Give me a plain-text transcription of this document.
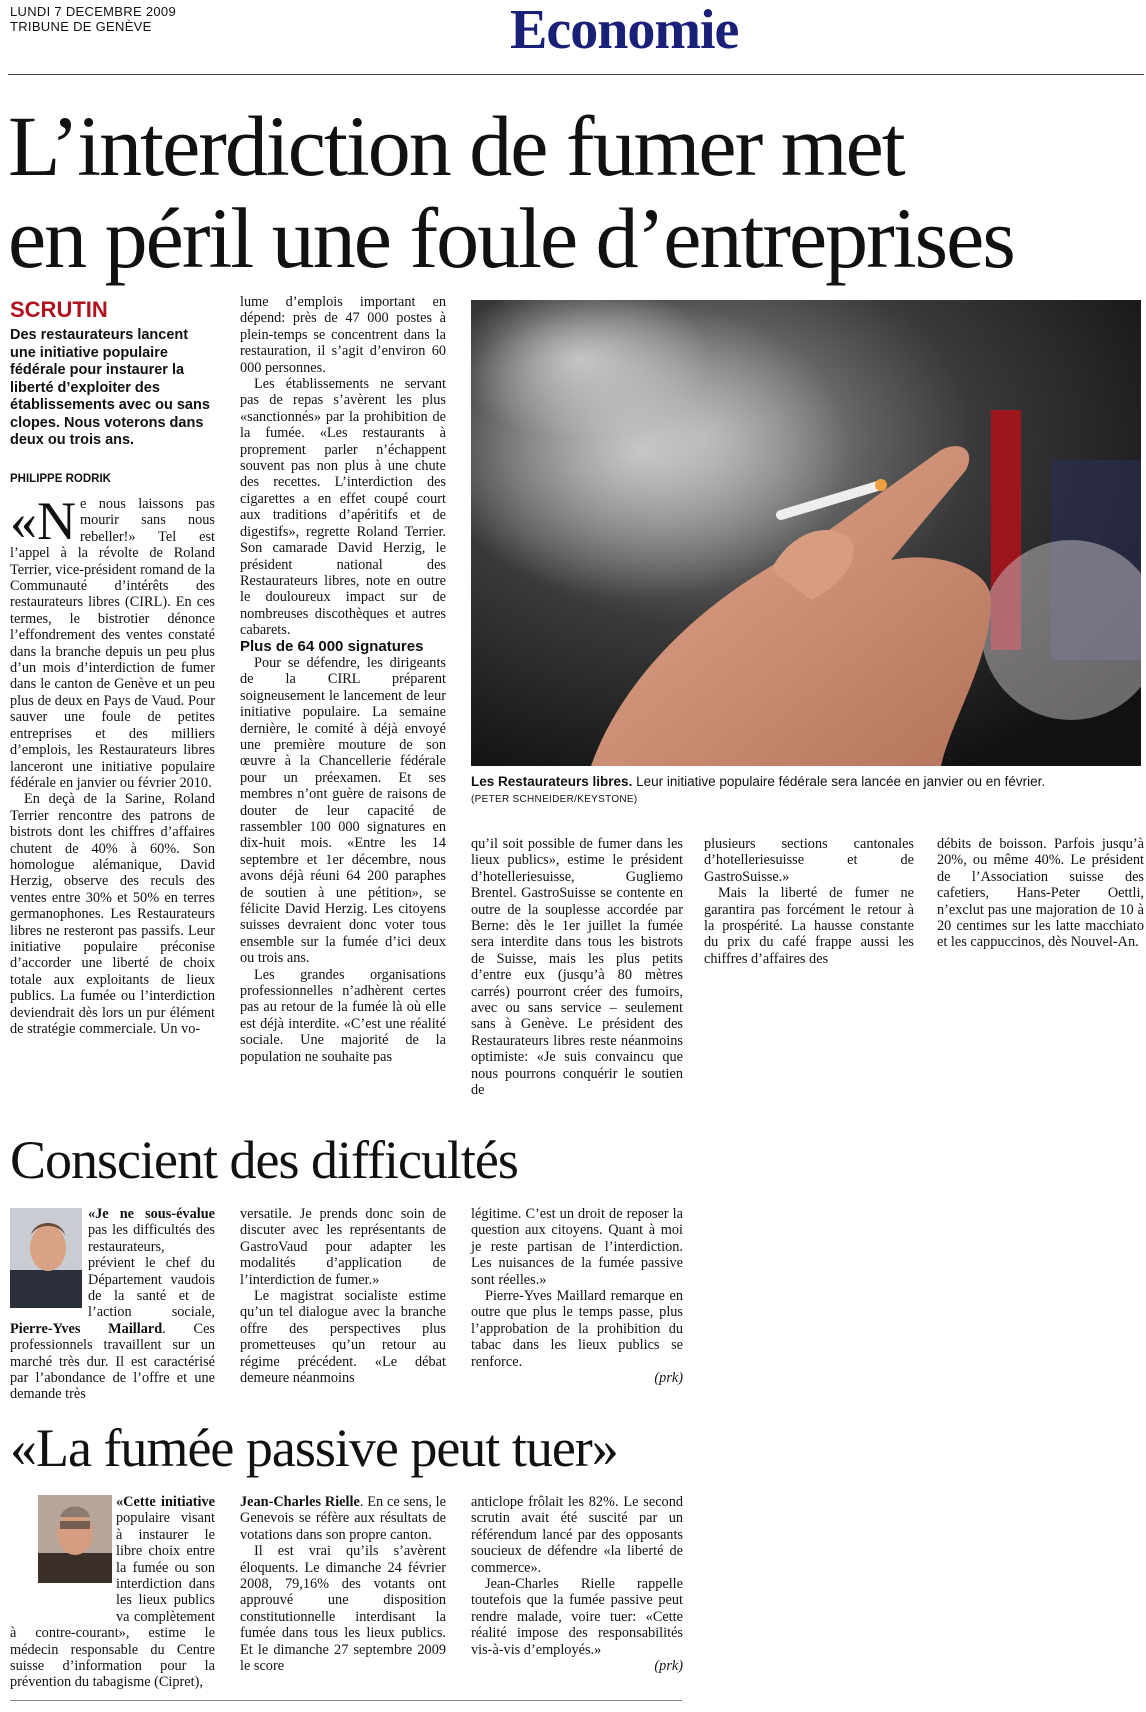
LUNDI 7 DECEMBRE 2009
TRIBUNE DE GENÈVE	Economie
L’interdiction de fumer met
en péril une foule d’entreprises
SCRUTIN
Des restaurateurs lancent une initiative populaire fédérale pour instaurer la liberté d’exploiter des établissements avec ou sans clopes. Nous voterons dans deux ou trois ans.
PHILIPPE RODRIK

«Ne nous laissons pas mourir sans nous rebeller!» Tel est l’appel à la révolte de Roland Terrier, vice-président romand de la Communauté d’intérêts des restaurateurs libres (CIRL). En ces termes, le bistrotier dénonce l’effondrement des ventes constaté dans la branche depuis un peu plus d’un mois d’interdiction de fumer dans le canton de Genève et un peu plus de deux en Pays de Vaud. Pour sauver une foule de petites entreprises et des milliers d’emplois, les Restaurateurs libres lanceront une initiative populaire fédérale en janvier ou février 2010.

En deçà de la Sarine, Roland Terrier rencontre des patrons de bistrots dont les chiffres d’affaires chutent de 40% à 60%. Son homologue alémanique, David Herzig, observe des reculs des ventes entre 30% et 50% en terres germanophones. Les Restaurateurs libres ne resteront pas passifs. Leur initiative populaire préconise d’accorder une liberté de choix totale aux exploitants de lieux publics. La fumée ou l’interdiction deviendrait dès lors un pur élément de stratégie commerciale. Un vo-

lume d’emplois important en dépend: près de 47 000 postes à plein-temps se concentrent dans la restauration, il s’agit d’environ 60 000 personnes.

Les établissements ne servant pas de repas s’avèrent les plus «sanctionnés» par la prohibition de la fumée. «Les restaurants à proprement parler n’échappent souvent pas non plus à une chute des recettes. L’interdiction des cigarettes a en effet coupé court aux traditions d’apéritifs et de digestifs», regrette Roland Terrier. Son camarade David Herzig, le président national des Restaurateurs libres, note en outre le douloureux impact sur de nombreuses discothèques et autres cabarets.

Plus de 64 000 signatures

Pour se défendre, les dirigeants de la CIRL préparent soigneusement le lancement de leur initiative populaire. La semaine dernière, le comité à déjà envoyé une première mouture de son œuvre à la Chancellerie fédérale pour un préexamen. Et ses membres n’ont guère de raisons de douter de leur capacité de rassembler 100 000 signatures en dix-huit mois. «Entre les 14 septembre et 1er décembre, nous avons déjà réuni 64 200 paraphes de soutien à une pétition», se félicite David Herzig. Les citoyens suisses devraient donc voter tous ensemble sur la fumée d’ici deux ou trois ans.

Les grandes organisations professionnelles n’adhèrent certes pas au retour de la fumée là où elle est déjà interdite. «C’est une réalité sociale. Une majorité de la population ne souhaite pas

Les Restaurateurs libres. Leur initiative populaire fédérale sera lancée en janvier ou en février.
(PETER SCHNEIDER/KEYSTONE)

qu’il soit possible de fumer dans les lieux publics», estime le président d’hotelleriesuisse, Gugliemo Brentel. GastroSuisse se contente en outre de la souplesse accordée par Berne: dès le 1er juillet la fumée sera interdite dans tous les bistrots de Suisse, mais les plus petits d’entre eux (jusqu’à 80 mètres carrés) pourront créer des fumoirs, avec ou sans service – seulement sans à Genève. Le président des Restaurateurs libres reste néanmoins optimiste: «Je suis convaincu que nous pourrons conquérir le soutien de

plusieurs sections cantonales d’hotelleriesuisse et de GastroSuisse.»

Mais la liberté de fumer ne garantira pas forcément le retour à la prospérité. La hausse constante du prix du café frappe aussi les chiffres d’affaires des

débits de boisson. Parfois jusqu’à 20%, ou même 40%. Le président de l’Association suisse des cafetiers, Hans-Peter Oettli, n’exclut pas une majoration de 10 à 20 centimes sur les latte macchiato et les cappuccinos, dès Nouvel-An.

Conscient des difficultés

«Je ne sous-évalue pas les difficultés des restaurateurs, prévient le chef du Département vaudois de la santé et de l’action sociale, Pierre-Yves Maillard. Ces professionnels travaillent sur un marché très dur. Il est caractérisé par l’abondance de l’offre et une demande très

versatile. Je prends donc soin de discuter avec les représentants de GastroVaud pour adapter les modalités d’application de l’interdiction de fumer.»

Le magistrat socialiste estime qu’un tel dialogue avec la branche offre des perspectives plus prometteuses qu’un retour au régime précédent. «Le débat demeure néanmoins

légitime. C’est un droit de reposer la question aux citoyens. Quant à moi je reste partisan de l’interdiction. Les nuisances de la fumée passive sont réelles.»

Pierre-Yves Maillard remarque en outre que plus le temps passe, plus l’approbation de la prohibition du tabac dans les lieux publics se renforce.

(prk)
«La fumée passive peut tuer»

«Cette initiative populaire visant à instaurer le libre choix entre la fumée ou son interdiction dans les lieux publics va complètement à contre-courant», estime le médecin responsable du Centre suisse d’information pour la prévention du tabagisme (Cipret),

Jean-Charles Rielle. En ce sens, le Genevois se réfère aux résultats de votations dans son propre canton.

Il est vrai qu’ils s’avèrent éloquents. Le dimanche 24 février 2008, 79,16% des votants ont approuvé une disposition constitutionnelle interdisant la fumée dans tous les lieux publics. Et le dimanche 27 septembre 2009 le score

anticlope frôlait les 82%. Le second scrutin avait été suscité par un référendum lancé par des opposants soucieux de défendre «la liberté de commerce».

Jean-Charles Rielle rappelle toutefois que la fumée passive peut rendre malade, voire tuer: «Cette réalité impose des responsabilités vis-à-vis d’employés.»

(prk)
